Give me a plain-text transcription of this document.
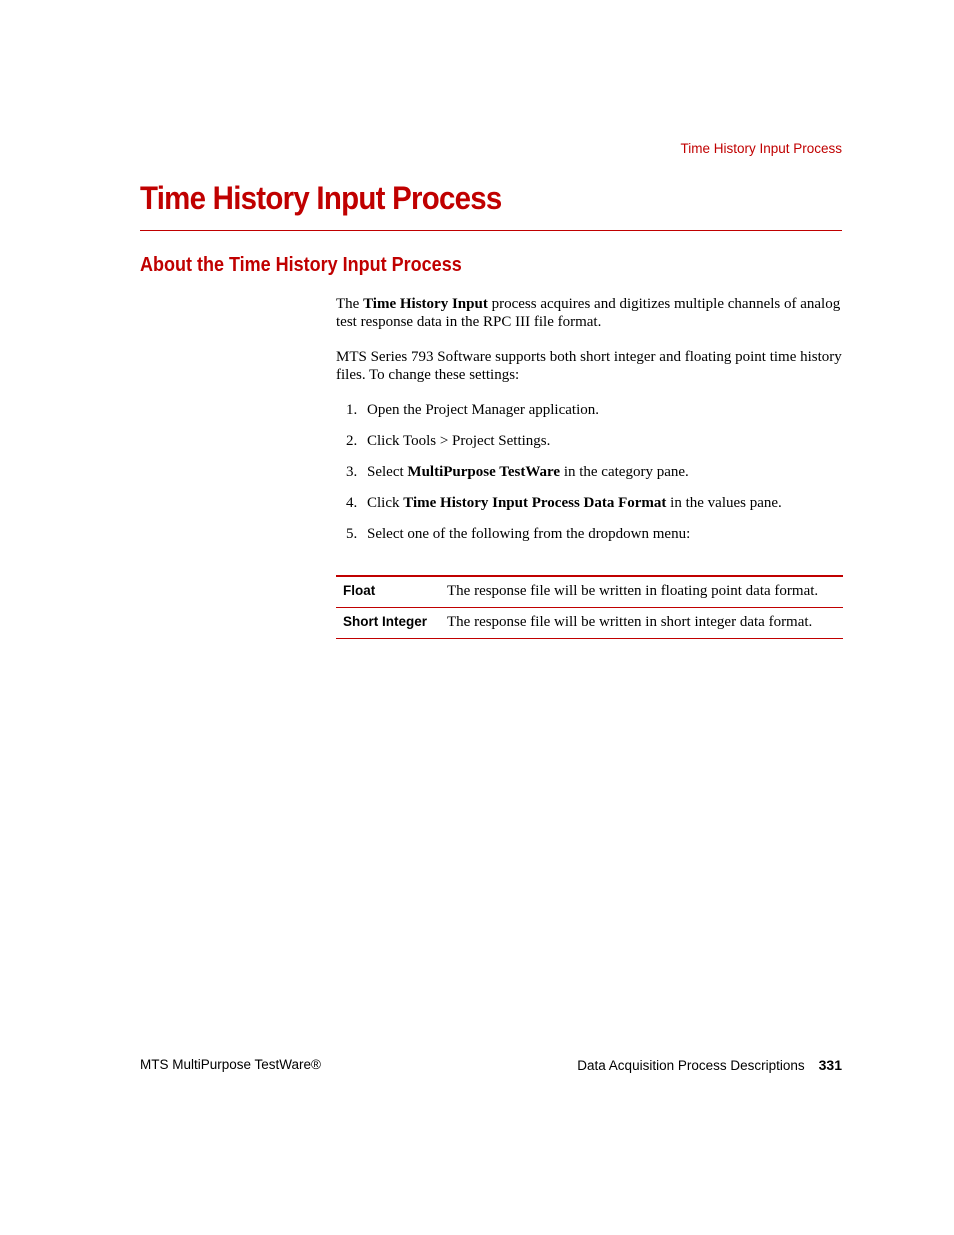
Time History Input Process
Time History Input Process
About the Time History Input Process
The Time History Input process acquires and digitizes multiple channels of analog test response data in the RPC III file format.
MTS Series 793 Software supports both short integer and floating point time history files. To change these settings:
1. Open the Project Manager application.
2. Click Tools > Project Settings.
3. Select MultiPurpose TestWare in the category pane.
4. Click Time History Input Process Data Format in the values pane.
5. Select one of the following from the dropdown menu:
Float	The response file will be written in floating point data format.
Short Integer	The response file will be written in short integer data format.
MTS MultiPurpose TestWare®	Data Acquisition Process Descriptions 331
